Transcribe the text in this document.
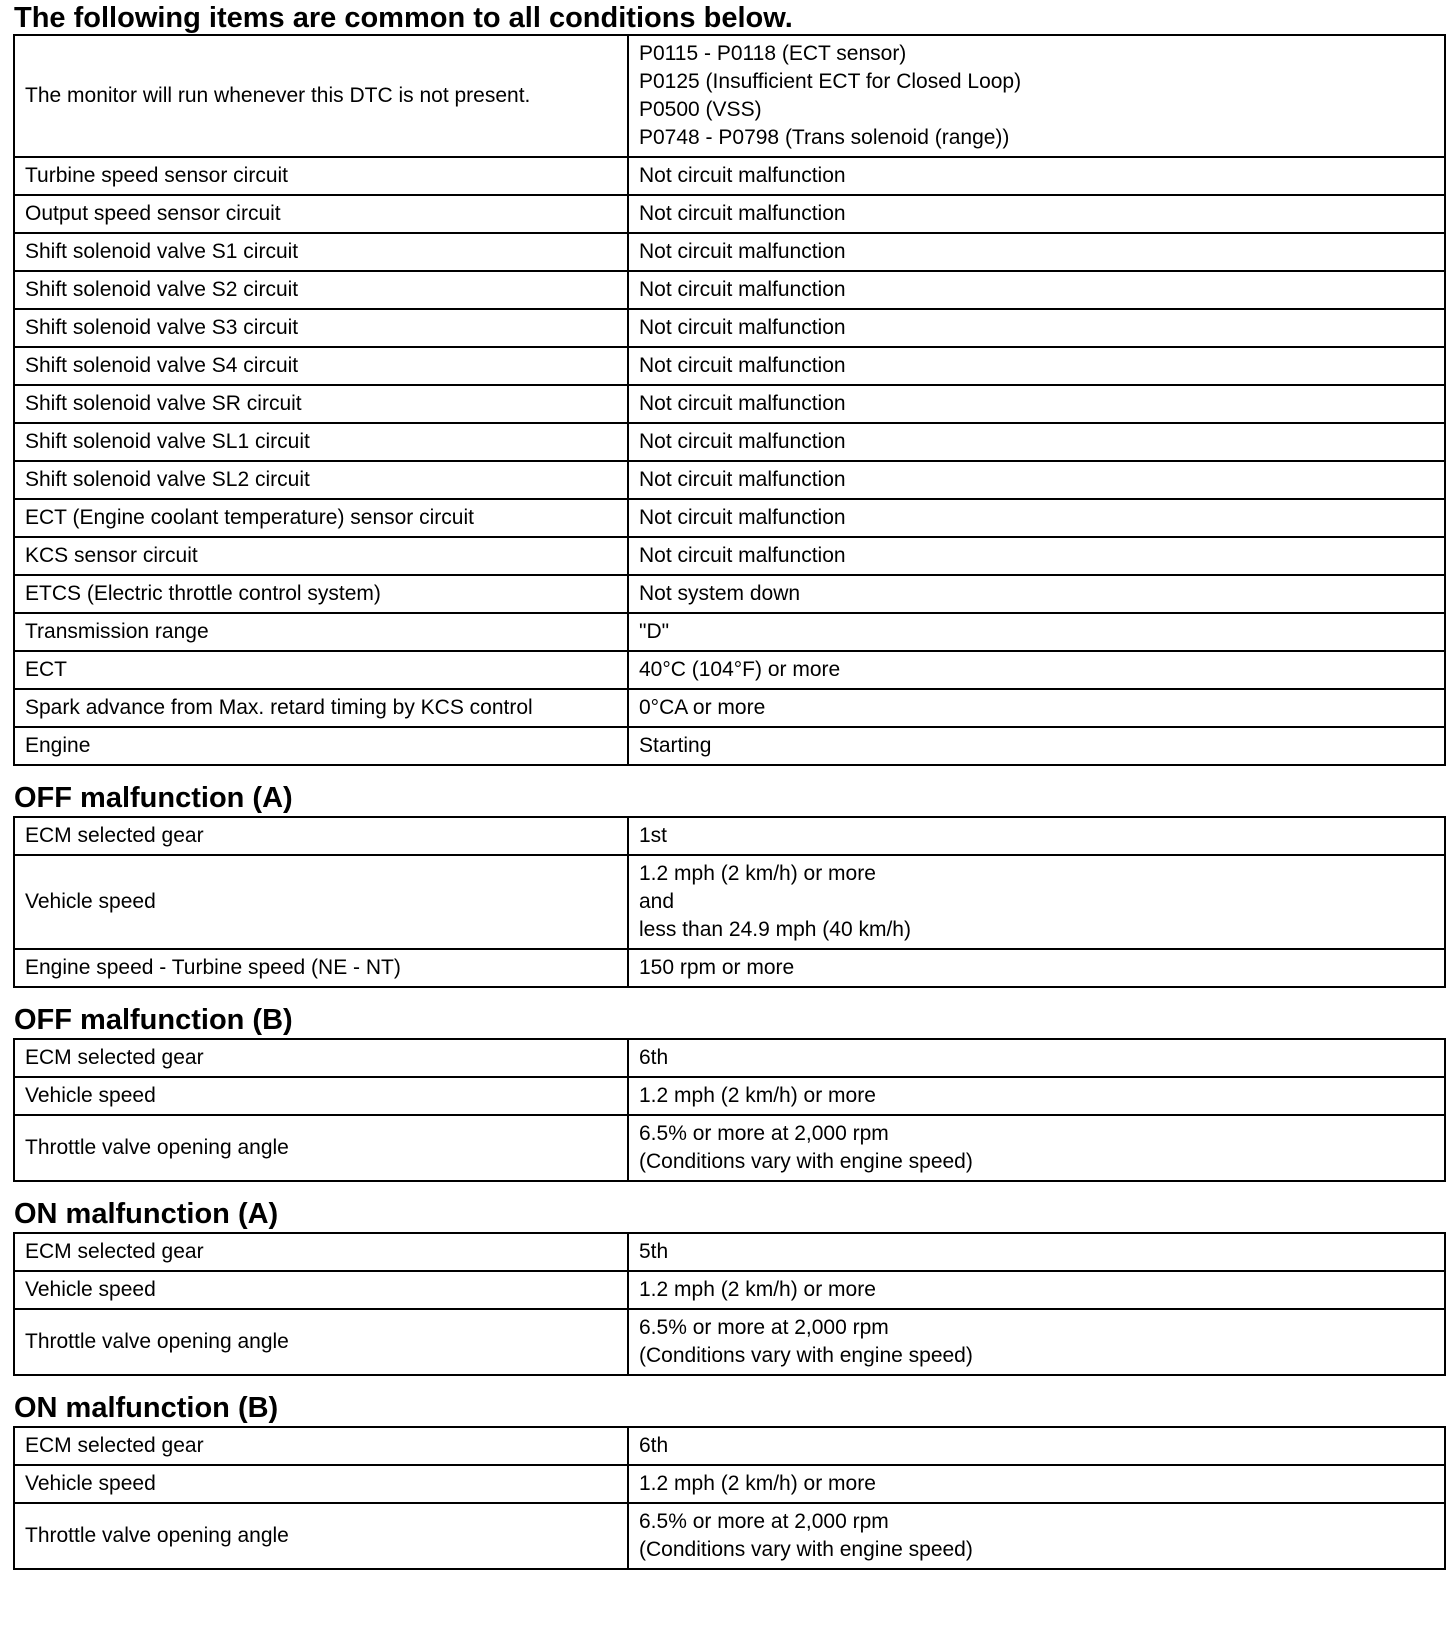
The following items are common to all conditions below.
The monitor will run whenever this DTC is not present.	P0115 - P0118 (ECT sensor)
P0125 (Insufficient ECT for Closed Loop)
P0500 (VSS)
P0748 - P0798 (Trans solenoid (range))
Turbine speed sensor circuit	Not circuit malfunction
Output speed sensor circuit	Not circuit malfunction
Shift solenoid valve S1 circuit	Not circuit malfunction
Shift solenoid valve S2 circuit	Not circuit malfunction
Shift solenoid valve S3 circuit	Not circuit malfunction
Shift solenoid valve S4 circuit	Not circuit malfunction
Shift solenoid valve SR circuit	Not circuit malfunction
Shift solenoid valve SL1 circuit	Not circuit malfunction
Shift solenoid valve SL2 circuit	Not circuit malfunction
ECT (Engine coolant temperature) sensor circuit	Not circuit malfunction
KCS sensor circuit	Not circuit malfunction
ETCS (Electric throttle control system)	Not system down
Transmission range	"D"
ECT	40°C (104°F) or more
Spark advance from Max. retard timing by KCS control	0°CA or more
Engine	Starting
OFF malfunction (A)
ECM selected gear	1st
Vehicle speed	1.2 mph (2 km/h) or more
and
less than 24.9 mph (40 km/h)
Engine speed - Turbine speed (NE - NT)	150 rpm or more
OFF malfunction (B)
ECM selected gear	6th
Vehicle speed	1.2 mph (2 km/h) or more
Throttle valve opening angle	6.5% or more at 2,000 rpm
(Conditions vary with engine speed)
ON malfunction (A)
ECM selected gear	5th
Vehicle speed	1.2 mph (2 km/h) or more
Throttle valve opening angle	6.5% or more at 2,000 rpm
(Conditions vary with engine speed)
ON malfunction (B)
ECM selected gear	6th
Vehicle speed	1.2 mph (2 km/h) or more
Throttle valve opening angle	6.5% or more at 2,000 rpm
(Conditions vary with engine speed)
